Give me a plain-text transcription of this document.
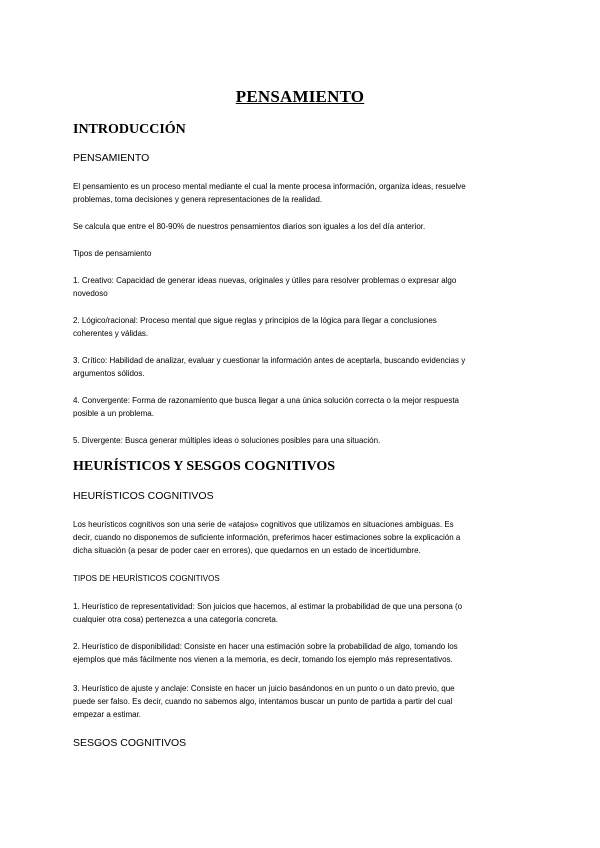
PENSAMIENTO
INTRODUCCIÓN
PENSAMIENTO
El pensamiento es un proceso mental mediante el cual la mente procesa información, organiza ideas, resuelve
problemas, toma decisiones y genera representaciones de la realidad.
Se calcula que entre el 80-90% de nuestros pensamientos diarios son iguales a los del día anterior.
Tipos de pensamiento
1. Creativo: Capacidad de generar ideas nuevas, originales y útiles para resolver problemas o expresar algo
novedoso
2. Lógico/racional: Proceso mental que sigue reglas y principios de la lógica para llegar a conclusiones
coherentes y válidas.
3. Crítico: Habilidad de analizar, evaluar y cuestionar la información antes de aceptarla, buscando evidencias y
argumentos sólidos.
4. Convergente: Forma de razonamiento que busca llegar a una única solución correcta o la mejor respuesta
posible a un problema.
5. Divergente: Busca generar múltiples ideas o soluciones posibles para una situación.
HEURÍSTICOS Y SESGOS COGNITIVOS
HEURÍSTICOS COGNITIVOS
Los heurísticos cognitivos son una serie de «atajos» cognitivos que utilizamos en situaciones ambiguas. Es
decir, cuando no disponemos de suficiente información, preferimos hacer estimaciones sobre la explicación a
dicha situación (a pesar de poder caer en errores), que quedarnos en un estado de incertidumbre.
TIPOS DE HEURÍSTICOS COGNITIVOS
1. Heurístico de representatividad: Son juicios que hacemos, al estimar la probabilidad de que una persona (o
cualquier otra cosa) pertenezca a una categoría concreta.
2. Heurístico de disponibilidad: Consiste en hacer una estimación sobre la probabilidad de algo, tomando los
ejemplos que más fácilmente nos vienen a la memoria, es decir, tomando los ejemplo más representativos.
3. Heurístico de ajuste y anclaje: Consiste en hacer un juicio basándonos en un punto o un dato previo, que
puede ser falso. Es decir, cuando no sabemos algo, intentamos buscar un punto de partida a partir del cual
empezar a estimar.
SESGOS COGNITIVOS
